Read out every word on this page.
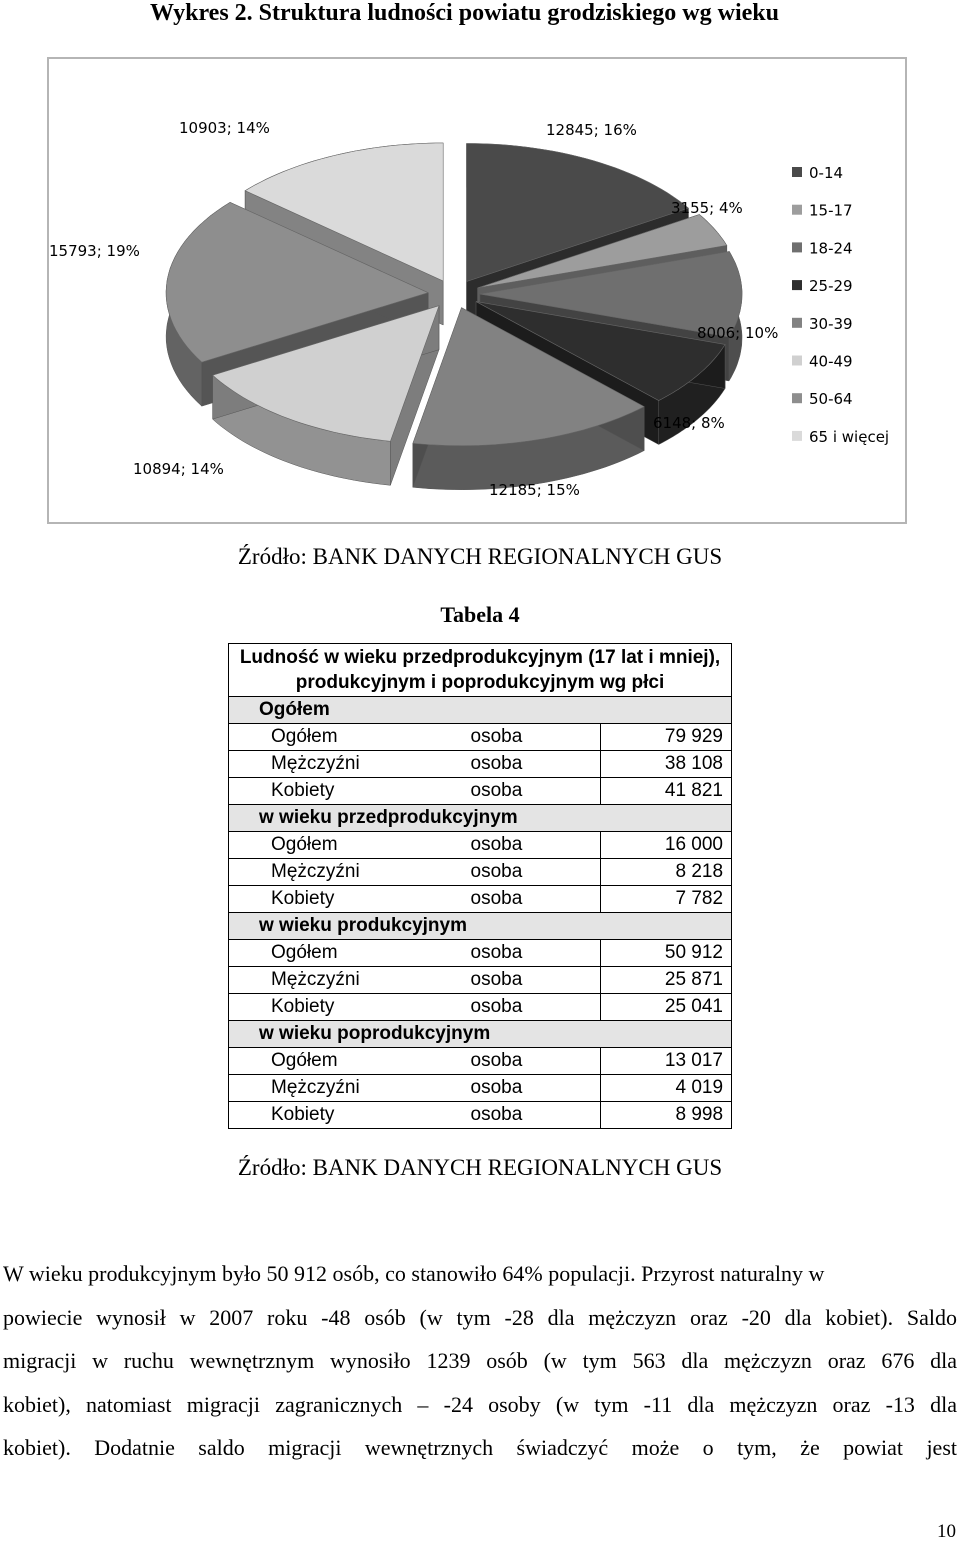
Wykres 2. Struktura ludności powiatu grodziskiego wg wieku
12845; 16%
3155; 4%
8006; 10%
6148; 8%
12185; 15%
10894; 14%
15793; 19%
10903; 14%
0-14
15-17
18-24
25-29
30-39
40-49
50-64
65 i więcej
Źródło: BANK DANYCH REGIONALNYCH GUS
Tabela 4
Ludność w wieku przedprodukcyjnym (17 lat i mniej), produkcyjnym i poprodukcyjnym wg płci		
Ogółem		
Ogółem	osoba	79 929
Mężczyźni	osoba	38 108
Kobiety	osoba	41 821
w wieku przedprodukcyjnym		
Ogółem	osoba	16 000
Mężczyźni	osoba	8 218
Kobiety	osoba	7 782
w wieku produkcyjnym		
Ogółem	osoba	50 912
Mężczyźni	osoba	25 871
Kobiety	osoba	25 041
w wieku poprodukcyjnym		
Ogółem	osoba	13 017
Mężczyźni	osoba	4 019
Kobiety	osoba	8 998
Źródło: BANK DANYCH REGIONALNYCH GUS
W wieku produkcyjnym było 50 912 osób, co stanowiło 64% populacji. Przyrost naturalny w
powiecie wynosił w 2007 roku -48 osób (w tym -28 dla mężczyzn oraz -20 dla kobiet). Saldo
migracji w ruchu wewnętrznym wynosiło 1239 osób (w tym 563 dla mężczyzn oraz 676 dla
kobiet), natomiast migracji zagranicznych – -24 osoby (w tym -11 dla mężczyzn oraz -13 dla
kobiet). Dodatnie saldo migracji wewnętrznych świadczyć może o tym, że powiat jest
10
